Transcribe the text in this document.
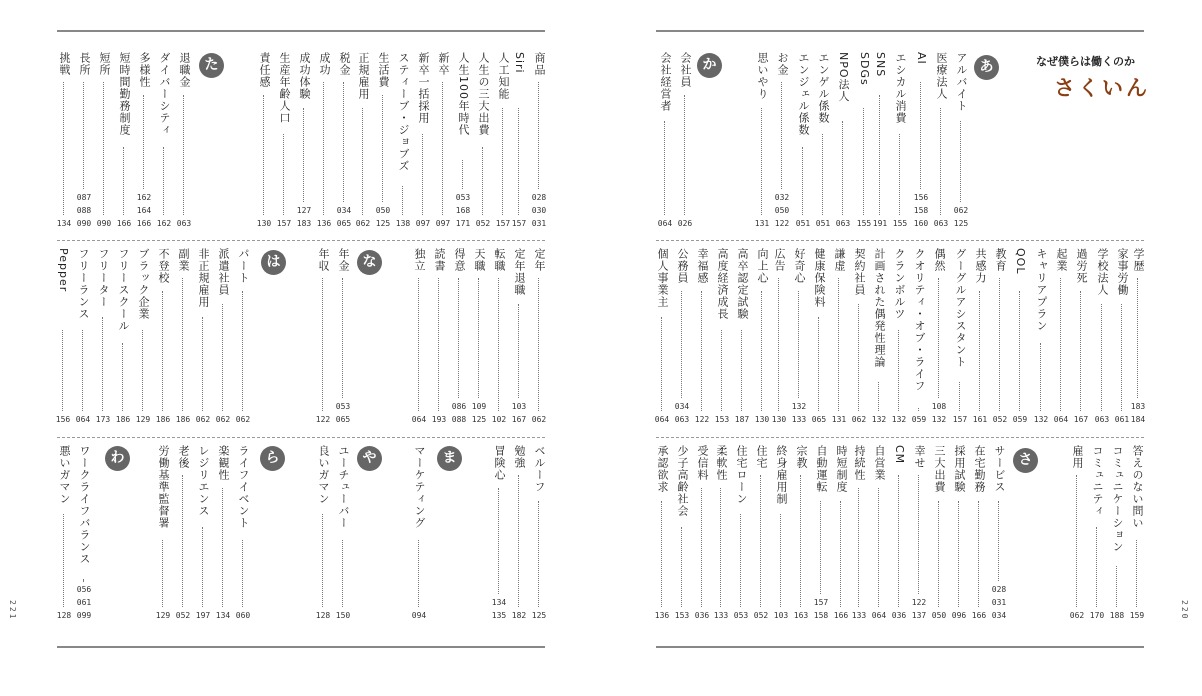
なぜ僕らは働くのか
さくいん
221	220
あ
か
さ
た
な
は
ま
や
ら
わ
アルバイト
062
125
医療法人
063
AI
156
158
160
エシカル消費
155
SNS
191
SDGs
155
NPO法人
063
エンゲル係数
051
エンジェル係数
051
お金
032
050
122
思いやり
131
会社員
026
会社経営者
064
学歴
183
184
家事労働
061
学校法人
063
過労死
167
起業
064
キャリアプラン
132
QOL
059
教育
052
共感力
161
グーグルアシスタント
157
偶然
108
132
クオリティ・オブ・ライフ
059
クランボルツ
132
計画された偶発性理論
132
契約社員
062
謙虚
131
健康保険料
065
好奇心
132
133
広告
130
向上心
130
高卒認定試験
187
高度経済成長
153
幸福感
122
公務員
034
063
個人事業主
064
答えのない問い
159
コミュニケーション
188
コミュニティ
170
雇用
062
サービス
028
031
034
在宅勤務
166
採用試験
096
三大出費
050
幸せ
122
137
CM
036
自営業
064
持続性
133
時短制度
166
自動運転
157
158
宗教
163
終身雇用制
103
住宅
052
住宅ローン
053
柔軟性
133
受信料
036
少子高齢社会
153
承認欲求
136
商品
028
030
031
Siri
157
人工知能
157
人生の三大出費
052
人生100年時代
053
168
171
新卒
097
新卒一括採用
097
スティーブ・ジョブズ
138
生活費
050
125
正規雇用
062
税金
034
065
成功
136
成功体験
127
183
生産年齢人口
157
責任感
130
退職金
063
ダイバーシティ
162
多様性
162
164
166
短時間勤務制度
166
短所
090
長所
087
088
090
挑戦
134
定年
062
定年退職
103
167
転職
102
天職
109
125
得意
086
088
読書
193
独立
064
年金
053
065
年収
122
パート
062
派遣社員
062
非正規雇用
062
副業
186
不登校
186
ブラック企業
129
フリースクール
186
フリーター
173
フリーランス
064
Pepper
156
ベルーフ
125
勉強
182
冒険心
134
135
マーケティング
094
ユーチューバー
150
良いガマン
128
ライフイベント
060
楽観性
134
レジリエンス
197
老後
052
労働基準監督署
129
ワークライフバランス
056
061
099
悪いガマン
128
